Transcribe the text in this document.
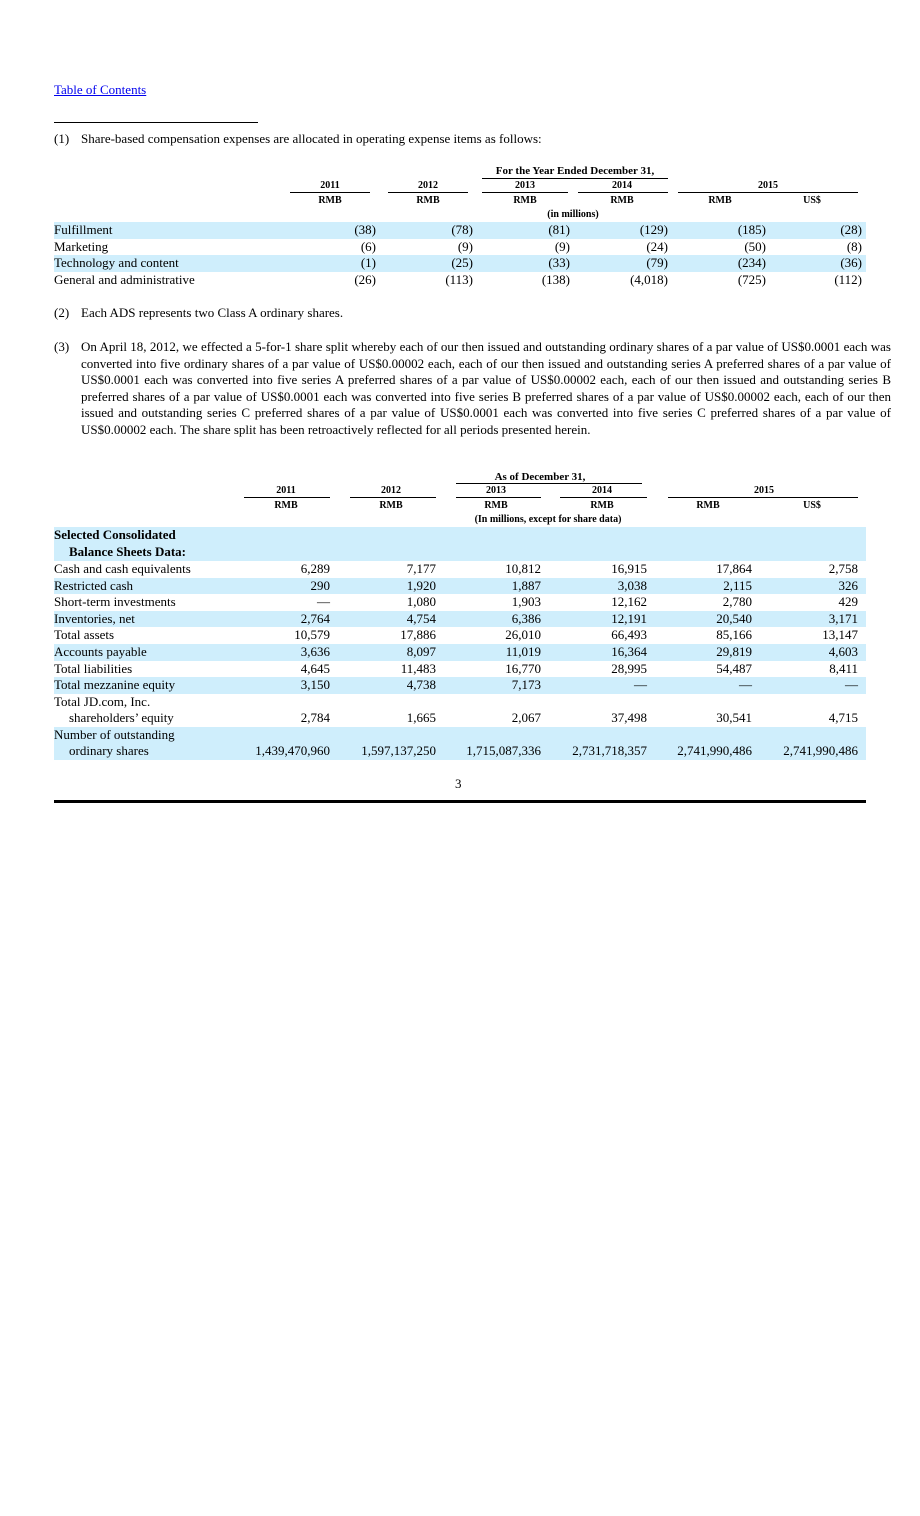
Table of Contents
(1) Share-based compensation expenses are allocated in operating expense items as follows:
For the Year Ended December 31,
2011	2012	2013	2014	2015
RMB	RMB	RMB	RMB	RMB	US$
(in millions)
Fulfillment	(38)	(78)	(81)	(129)	(185)	(28)
Marketing	(6)	(9)	(9)	(24)	(50)	(8)
Technology and content	(1)	(25)	(33)	(79)	(234)	(36)
General and administrative	(26)	(113)	(138)	(4,018)	(725)	(112)
(2) Each ADS represents two Class A ordinary shares.
(3) On April 18, 2012, we effected a 5-for-1 share split whereby each of our then issued and outstanding ordinary shares of a par value of US$0.0001 each was converted into five ordinary shares of a par value of US$0.00002 each, each of our then issued and outstanding series A preferred shares of a par value of US$0.0001 each was converted into five series A preferred shares of a par value of US$0.00002 each, each of our then issued and outstanding series B preferred shares of a par value of US$0.0001 each was converted into five series B preferred shares of a par value of US$0.00002 each, each of our then issued and outstanding series C preferred shares of a par value of US$0.0001 each was converted into five series C preferred shares of a par value of US$0.00002 each. The share split has been retroactively reflected for all periods presented herein.
As of December 31,
2011	2012	2013	2014	2015
RMB	RMB	RMB	RMB	RMB	US$
(In millions, except for share data)
Selected Consolidated
Balance Sheets Data:
Cash and cash equivalents	6,289	7,177	10,812	16,915	17,864	2,758
Restricted cash	290	1,920	1,887	3,038	2,115	326
Short-term investments	—	1,080	1,903	12,162	2,780	429
Inventories, net	2,764	4,754	6,386	12,191	20,540	3,171
Total assets	10,579	17,886	26,010	66,493	85,166	13,147
Accounts payable	3,636	8,097	11,019	16,364	29,819	4,603
Total liabilities	4,645	11,483	16,770	28,995	54,487	8,411
Total mezzanine equity	3,150	4,738	7,173	—	—	—
Total JD.com, Inc.
shareholders’ equity	2,784	1,665	2,067	37,498	30,541	4,715
Number of outstanding
ordinary shares	1,439,470,960	1,597,137,250	1,715,087,336	2,731,718,357	2,741,990,486	2,741,990,486
3
